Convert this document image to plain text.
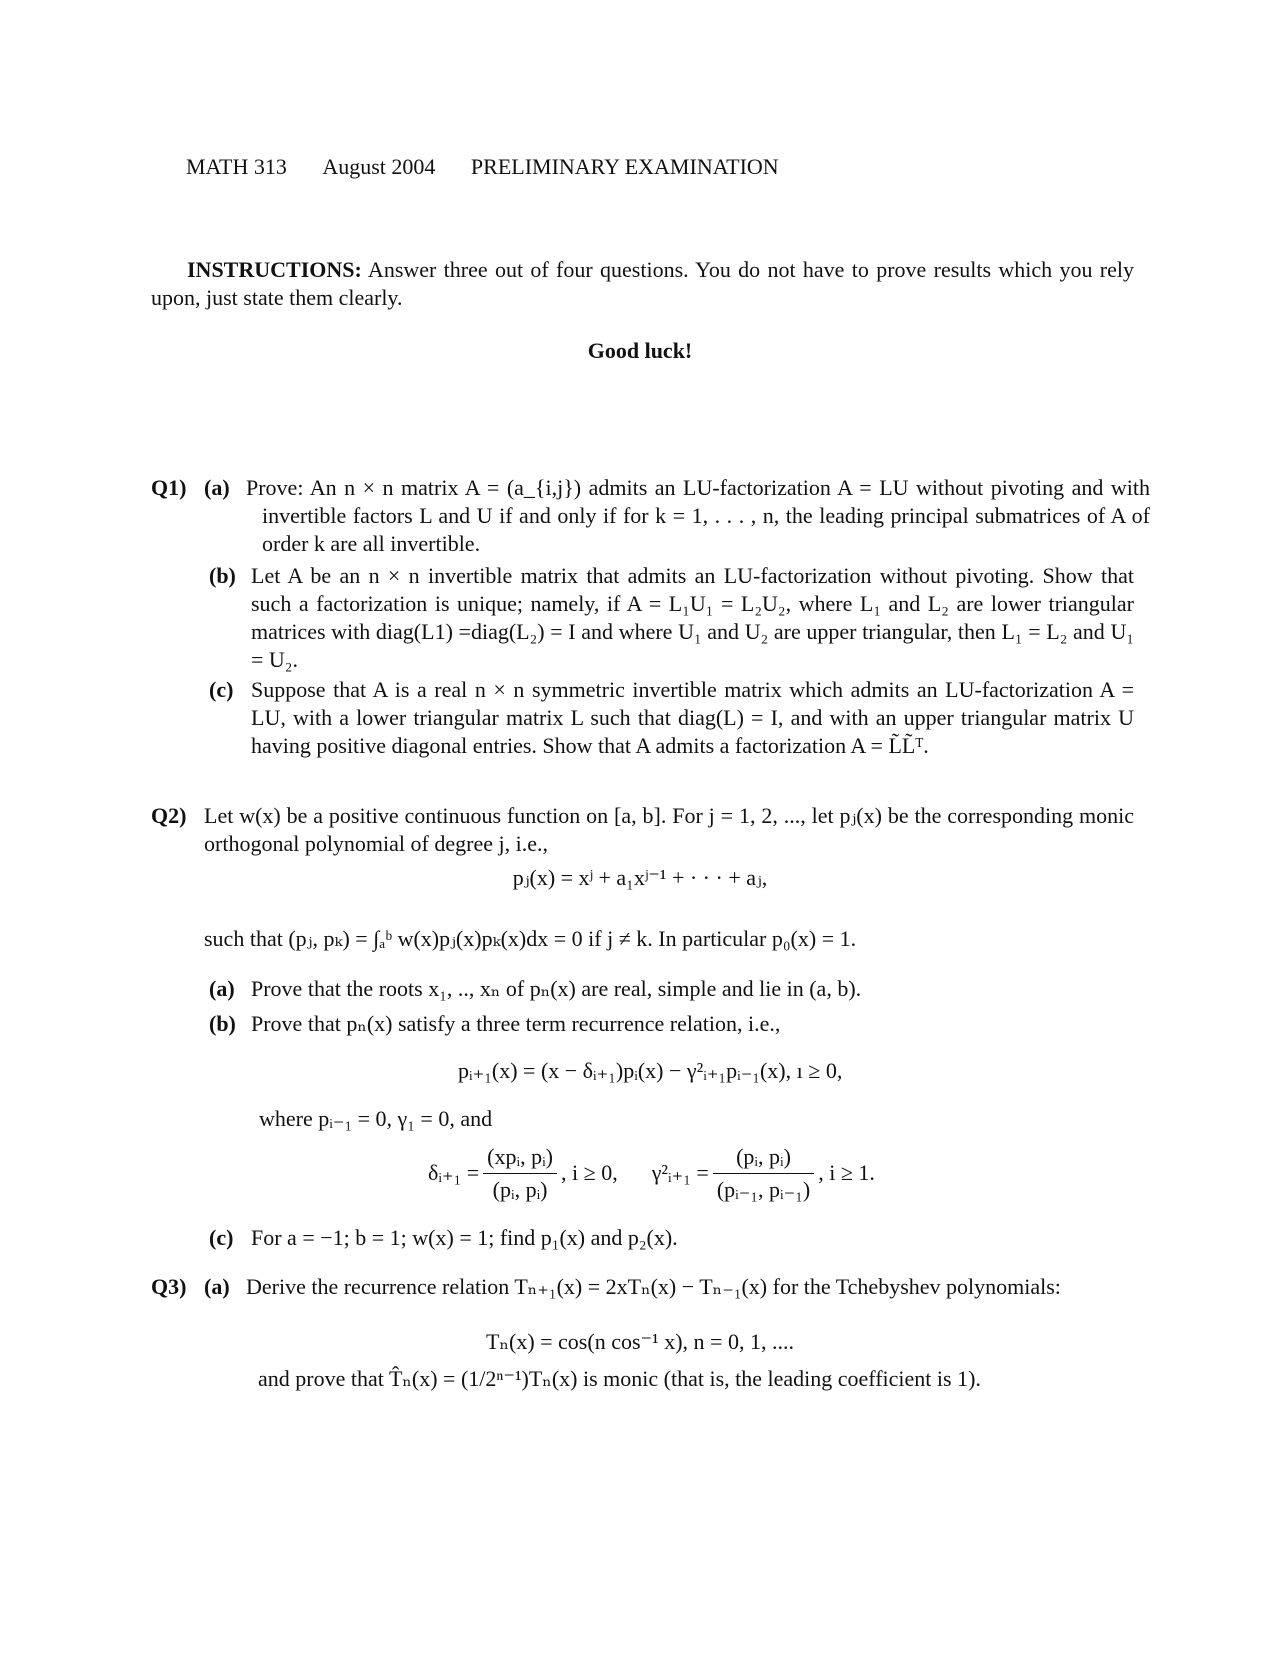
MATH 313 August 2004 PRELIMINARY EXAMINATION
INSTRUCTIONS: Answer three out of four questions. You do not have to prove results which you rely upon, just state them clearly.
Good luck!
Q1) (a) Prove: An n × n matrix A = (a_{i,j}) admits an LU-factorization A = LU without pivoting and with invertible factors L and U if and only if for k = 1, . . . , n, the leading principal submatrices of A of order k are all invertible.
(b) Let A be an n × n invertible matrix that admits an LU-factorization without pivoting. Show that such a factorization is unique; namely, if A = L₁U₁ = L₂U₂, where L₁ and L₂ are lower triangular matrices with diag(L1) =diag(L₂) = I and where U₁ and U₂ are upper triangular, then L₁ = L₂ and U₁ = U₂.
(c) Suppose that A is a real n × n symmetric invertible matrix which admits an LU-factorization A = LU, with a lower triangular matrix L such that diag(L) = I, and with an upper triangular matrix U having positive diagonal entries. Show that A admits a factorization A = L̃L̃ᵀ.
Q2) Let w(x) be a positive continuous function on [a, b]. For j = 1, 2, ..., let pⱼ(x) be the corresponding monic orthogonal polynomial of degree j, i.e.,
pⱼ(x) = xʲ + a₁xʲ⁻¹ + · · · + aⱼ,
such that (pⱼ, pₖ) = ∫ₐᵇ w(x)pⱼ(x)pₖ(x)dx = 0 if j ≠ k. In particular p₀(x) = 1.
(a) Prove that the roots x₁, .., xₙ of pₙ(x) are real, simple and lie in (a, b).
(b) Prove that pₙ(x) satisfy a three term recurrence relation, i.e.,
pᵢ₊₁(x) = (x − δᵢ₊₁)pᵢ(x) − γ²ᵢ₊₁pᵢ₋₁(x), ı ≥ 0,
where pᵢ₋₁ = 0, γ₁ = 0, and
δᵢ₊₁ = $\frac{\text{(xpᵢ, pᵢ)}}{\text{(pᵢ, pᵢ)}}$ , i ≥ 0, γ²ᵢ₊₁ = $\frac{\text{(pᵢ, pᵢ)}}{\text{(pᵢ₋₁, pᵢ₋₁)}}$ , i ≥ 1.
(c) For a = −1; b = 1; w(x) = 1; find p₁(x) and p₂(x).
Q3) (a) Derive the recurrence relation Tₙ₊₁(x) = 2xTₙ(x) − Tₙ₋₁(x) for the Tchebyshev polynomials:
Tₙ(x) = cos(n cos⁻¹ x), n = 0, 1, ....
and prove that T̂ₙ(x) = (1/2ⁿ⁻¹)Tₙ(x) is monic (that is, the leading coefficient is 1).
